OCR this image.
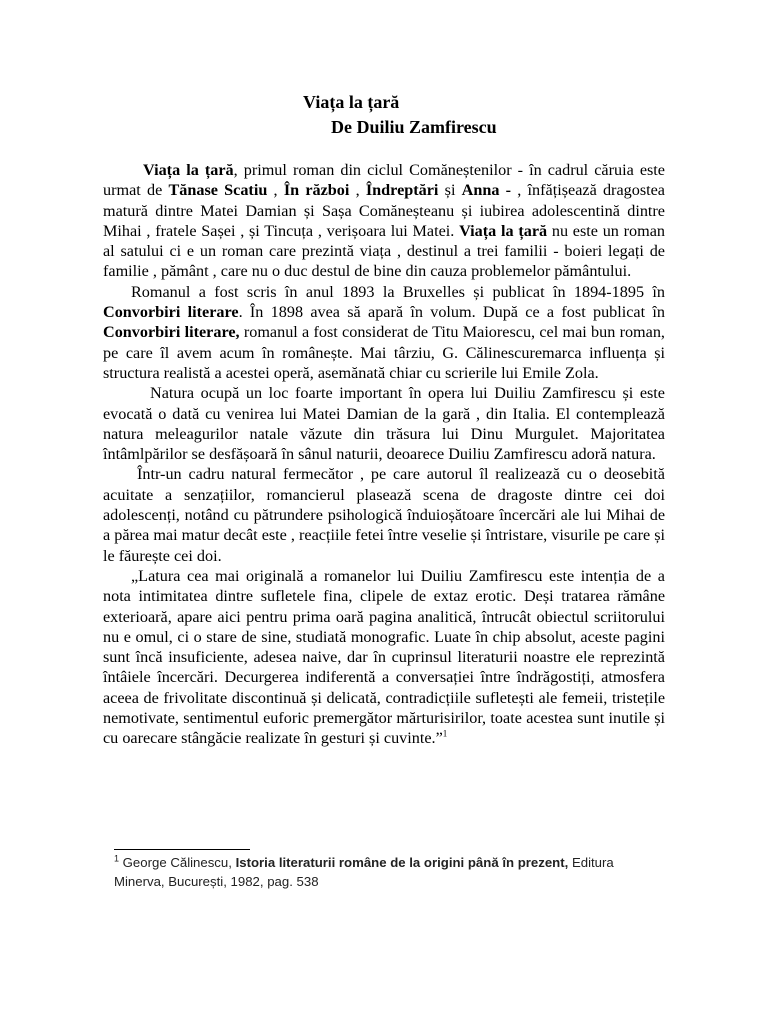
Viața la țară
De Duiliu Zamfirescu

Viața la țară, primul roman din ciclul Comăneștenilor - în cadrul căruia este urmat de Tănase Scatiu , În război , Îndreptări și Anna - , înfățișează dragostea matură dintre Matei Damian și Sașa Comăneșteanu și iubirea adolescentină dintre Mihai , fratele Sașei , și Tincuța , verișoara lui Matei. Viața la țară nu este un roman al satului ci e un roman care prezintă viața , destinul a trei familii - boieri legați de familie , pământ , care nu o duc destul de bine din cauza problemelor pământului.

Romanul a fost scris în anul 1893 la Bruxelles și publicat în 1894-1895 în Convorbiri literare. În 1898 avea să apară în volum. După ce a fost publicat în Convorbiri literare, romanul a fost considerat de Titu Maiorescu, cel mai bun roman, pe care îl avem acum în românește. Mai târziu, G. Călinescuremarca influența și structura realistă a acestei operă, asemănată chiar cu scrierile lui Emile Zola.

Natura ocupă un loc foarte important în opera lui Duiliu Zamfirescu și este evocată o dată cu venirea lui Matei Damian de la gară , din Italia. El contemplează natura meleagurilor natale văzute din trăsura lui Dinu Murgulet. Majoritatea întâmlpărilor se desfășoară în sânul naturii, deoarece Duiliu Zamfirescu adoră natura.

Într-un cadru natural fermecător , pe care autorul îl realizează cu o deosebită acuitate a senzațiilor, romancierul plasează scena de dragoste dintre cei doi adolescenți, notând cu pătrundere psihologică înduioșătoare încercări ale lui Mihai de a părea mai matur decât este , reacțiile fetei între veselie și întristare, visurile pe care și le făurește cei doi.

„Latura cea mai originală a romanelor lui Duiliu Zamfirescu este intenția de a nota intimitatea dintre sufletele fina, clipele de extaz erotic. Deși tratarea rămâne exterioară, apare aici pentru prima oară pagina analitică, întrucât obiectul scriitorului nu e omul, ci o stare de sine, studiată monografic. Luate în chip absolut, aceste pagini sunt încă insuficiente, adesea naive, dar în cuprinsul literaturii noastre ele reprezintă întâiele încercări. Decurgerea indiferentă a conversației între îndrăgostiți, atmosfera aceea de frivolitate discontinuă și delicată, contradicțiile sufletești ale femeii, tristețile nemotivate, sentimentul euforic premergător mărturisirilor, toate acestea sunt inutile și cu oarecare stângăcie realizate în gesturi și cuvinte.”$^1$

$^1$ George Călinescu, Istoria literaturii române de la origini până în prezent, Editura Minerva, București, 1982, pag. 538
